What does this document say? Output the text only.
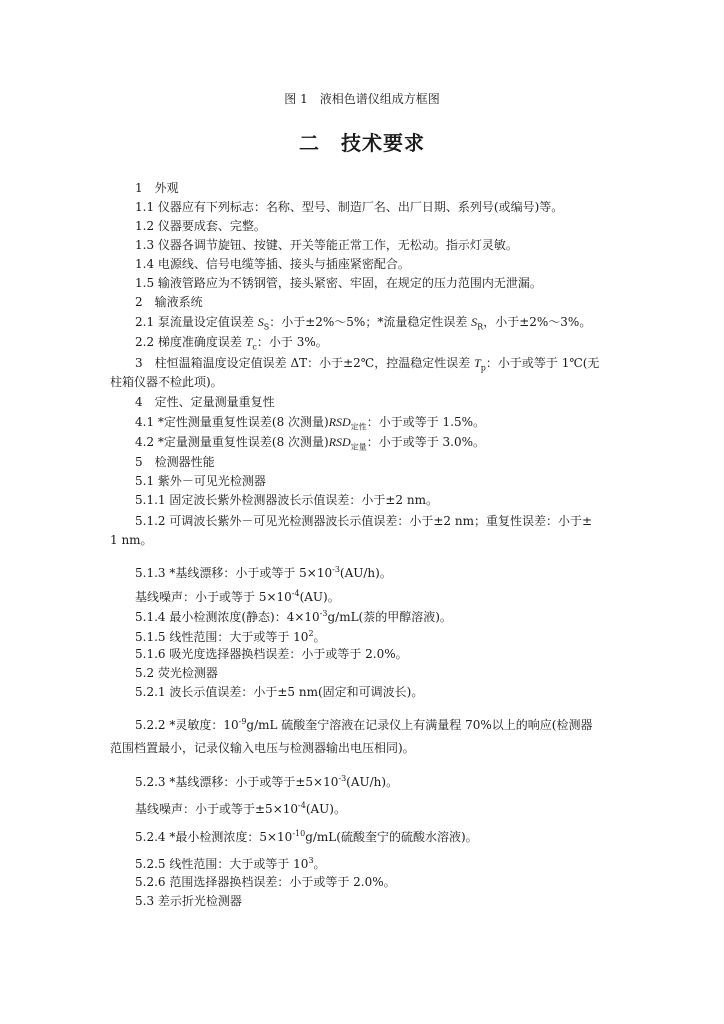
图 1　液相色谱仪组成方框图
二　技术要求
1　外观
1.1 仪器应有下列标志：名称、型号、制造厂名、出厂日期、系列号(或编号)等。
1.2 仪器要成套、完整。
1.3 仪器各调节旋钮、按键、开关等能正常工作，无松动。指示灯灵敏。
1.4 电源线、信号电缆等插、接头与插座紧密配合。
1.5 输液管路应为不锈钢管，接头紧密、牢固，在规定的压力范围内无泄漏。
2　输液系统
2.1 泵流量设定值误差 $S_S$：小于±2%～5%；*流量稳定性误差 $S_R$，小于±2%～3%。
2.2 梯度准确度误差 $T_c$：小于 3%。
3　柱恒温箱温度设定值误差 ΔT：小于±2℃，控温稳定性误差 $T_p$：小于或等于 1℃(无
柱箱仪器不检此项)。
4　定性、定量测量重复性
4.1 *定性测量重复性误差(8 次测量)$RSD_{定性}$：小于或等于 1.5%。
4.2 *定量测量重复性误差(8 次测量)$RSD_{定量}$：小于或等于 3.0%。
5　检测器性能
5.1 紫外－可见光检测器
5.1.1 固定波长紫外检测器波长示值误差：小于±2 nm。
5.1.2 可调波长紫外－可见光检测器波长示值误差：小于±2 nm；重复性误差：小于±
1 nm。
5.1.3 *基线漂移：小于或等于 $5\times 10^{-3}(AU/h)$。
基线噪声：小于或等于 $5\times 10^{-4}(AU)$。
5.1.4 最小检测浓度(静态)：$4\times 10^{-3}g/mL$(萘的甲醇溶液)。
5.1.5 线性范围：大于或等于 $10^2$。
5.1.6 吸光度选择器换档误差：小于或等于 2.0%。
5.2 荧光检测器
5.2.1 波长示值误差：小于±5 nm(固定和可调波长)。
5.2.2 *灵敏度：$10^{-9}g/mL$ 硫酸奎宁溶液在记录仪上有满量程 70%以上的响应(检测器
范围档置最小，记录仪输入电压与检测器输出电压相同)。
5.2.3 *基线漂移：小于或等于$\pm 5\times 10^{-3}(AU/h)$。
基线噪声：小于或等于$\pm 5\times 10^{-4}(AU)$。
5.2.4 *最小检测浓度：$5\times 10^{-10}g/mL$(硫酸奎宁的硫酸水溶液)。
5.2.5 线性范围：大于或等于 $10^3$。
5.2.6 范围选择器换档误差：小于或等于 2.0%。
5.3 差示折光检测器
